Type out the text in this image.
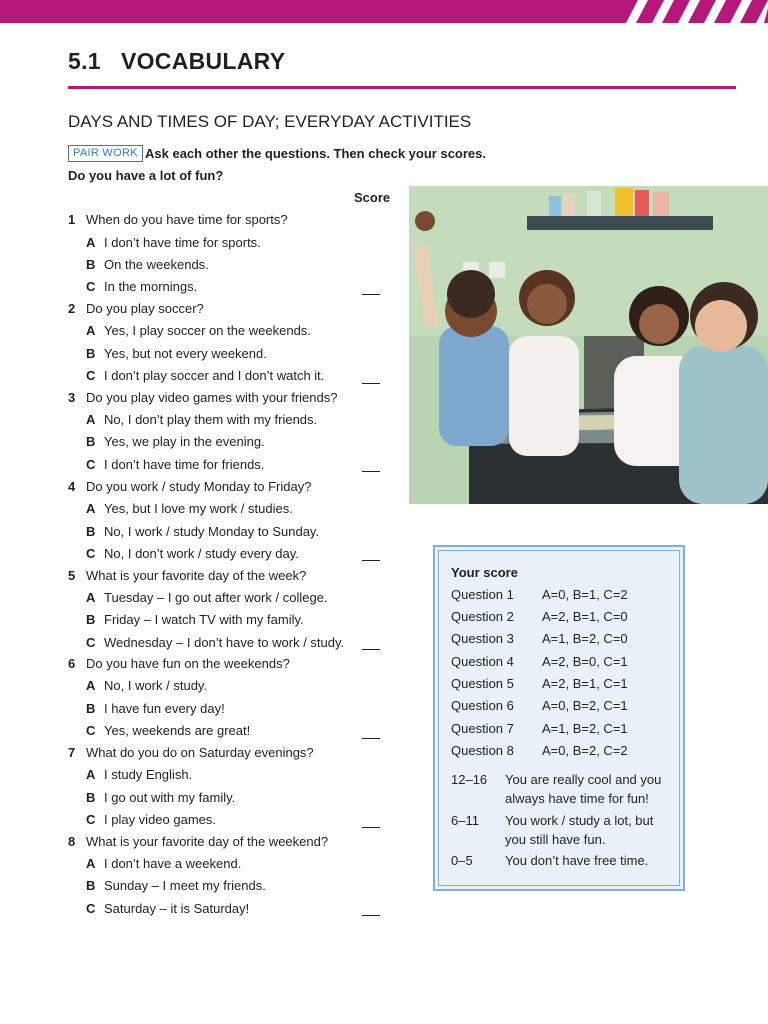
5.1 VOCABULARY
DAYS AND TIMES OF DAY; EVERYDAY ACTIVITIES
PAIR WORK Ask each other the questions. Then check your scores.
Do you have a lot of fun?
Score
1 When do you have time for sports?
A I don’t have time for sports.
B On the weekends.
C In the mornings.
2 Do you play soccer?
A Yes, I play soccer on the weekends.
B Yes, but not every weekend.
C I don’t play soccer and I don’t watch it.
3 Do you play video games with your friends?
A No, I don’t play them with my friends.
B Yes, we play in the evening.
C I don’t have time for friends.
4 Do you work / study Monday to Friday?
A Yes, but I love my work / studies.
B No, I work / study Monday to Sunday.
C No, I don’t work / study every day.
5 What is your favorite day of the week?
A Tuesday – I go out after work / college.
B Friday – I watch TV with my family.
C Wednesday – I don’t have to work / study.
6 Do you have fun on the weekends?
A No, I work / study.
B I have fun every day!
C Yes, weekends are great!
7 What do you do on Saturday evenings?
A I study English.
B I go out with my family.
C I play video games.
8 What is your favorite day of the weekend?
A I don’t have a weekend.
B Sunday – I meet my friends.
C Saturday – it is Saturday!
Your score
Question 1 A=0, B=1, C=2
Question 2 A=2, B=1, C=0
Question 3 A=1, B=2, C=0
Question 4 A=2, B=0, C=1
Question 5 A=2, B=1, C=1
Question 6 A=0, B=2, C=1
Question 7 A=1, B=2, C=1
Question 8 A=0, B=2, C=2
12–16 You are really cool and you
always have time for fun!
6–11 You work / study a lot, but
you still have fun.
0–5 You don’t have free time.
